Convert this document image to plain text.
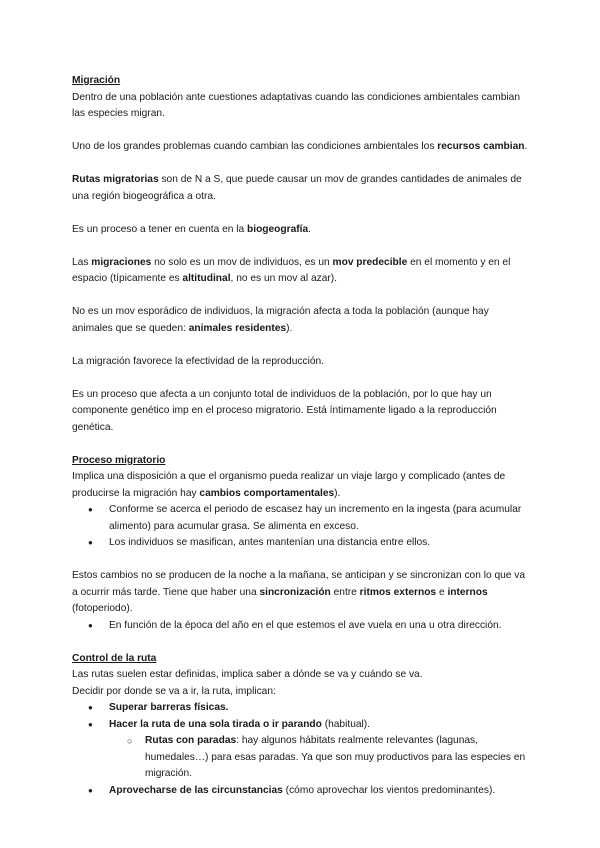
Migración

Dentro de una población ante cuestiones adaptativas cuando las condiciones ambientales cambian las especies migran.

Uno de los grandes problemas cuando cambian las condiciones ambientales los recursos cambian.

Rutas migratorias son de N a S, que puede causar un mov de grandes cantidades de animales de una región biogeográfica a otra.

Es un proceso a tener en cuenta en la biogeografía.

Las migraciones no solo es un mov de individuos, es un mov predecible en el momento y en el espacio (típicamente es altitudinal, no es un mov al azar).

No es un mov esporádico de individuos, la migración afecta a toda la población (aunque hay animales que se queden: animales residentes).

La migración favorece la efectividad de la reproducción.

Es un proceso que afecta a un conjunto total de individuos de la población, por lo que hay un componente genético imp en el proceso migratorio. Está íntimamente ligado a la reproducción genética.

Proceso migratorio

Implica una disposición a que el organismo pueda realizar un viaje largo y complicado (antes de producirse la migración hay cambios comportamentales).

● Conforme se acerca el periodo de escasez hay un incremento en la ingesta (para acumular alimento) para acumular grasa. Se alimenta en exceso.
● Los individuos se masifican, antes mantenían una distancia entre ellos.

Estos cambios no se producen de la noche a la mañana, se anticipan y se sincronizan con lo que va a ocurrir más tarde. Tiene que haber una sincronización entre ritmos externos e internos (fotoperiodo).

● En función de la época del año en el que estemos el ave vuela en una u otra dirección.

Control de la ruta

Las rutas suelen estar definidas, implica saber a dónde se va y cuándo se va.

Decidir por donde se va a ir, la ruta, implican:

● Superar barreras físicas.
● Hacer la ruta de una sola tirada o ir parando (habitual).
○ Rutas con paradas: hay algunos hábitats realmente relevantes (lagunas, humedales…) para esas paradas. Ya que son muy productivos para las especies en migración.
● Aprovecharse de las circunstancias (cómo aprovechar los vientos predominantes).
